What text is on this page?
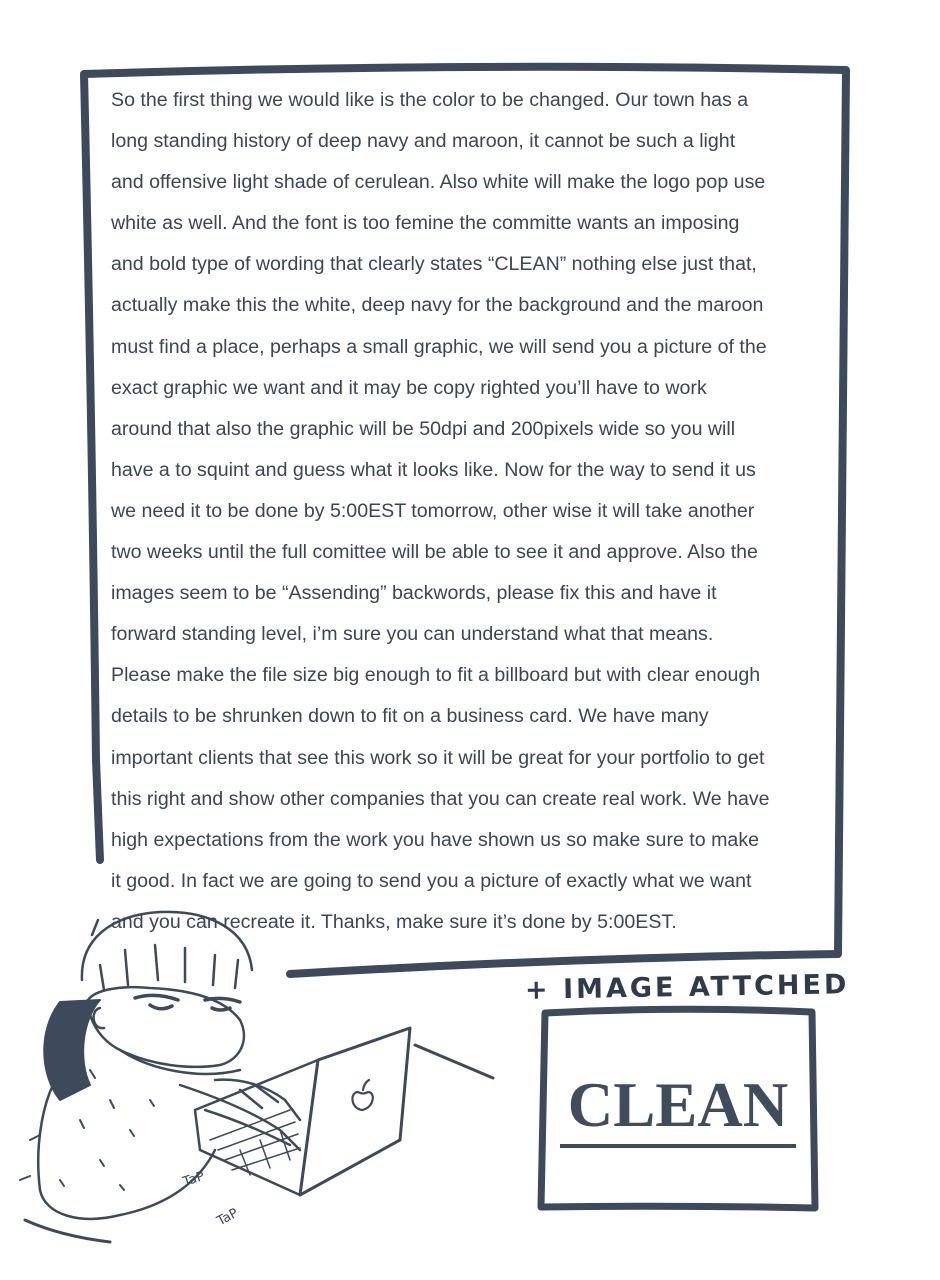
So the first thing we would like is the color to be changed. Our town has a
long standing history of deep navy and maroon, it cannot be such a light
and offensive light shade of cerulean. Also white will make the logo pop use
white as well. And the font is too femine the committe wants an imposing
and bold type of wording that clearly states “CLEAN” nothing else just that,
actually make this the white, deep navy for the background and the maroon
must find a place, perhaps a small graphic, we will send you a picture of the
exact graphic we want and it may be copy righted you’ll have to work
around that also the graphic will be 50dpi and 200pixels wide so you will
have a to squint and guess what it looks like. Now for the way to send it us
we need it to be done by 5:00EST tomorrow, other wise it will take another
two weeks until the full comittee will be able to see it and approve. Also the
images seem to be “Assending” backwords, please fix this and have it
forward standing level, i’m sure you can understand what that means.
Please make the file size big enough to fit a billboard but with clear enough
details to be shrunken down to fit on a business card. We have many
important clients that see this work so it will be great for your portfolio to get
this right and show other companies that you can create real work. We have
high expectations from the work you have shown us so make sure to make
it good. In fact we are going to send you a picture of exactly what we want
and you can recreate it. Thanks, make sure it’s done by 5:00EST.
+ IMAGE ATTCHED
CLEAN
TaP
TaP
